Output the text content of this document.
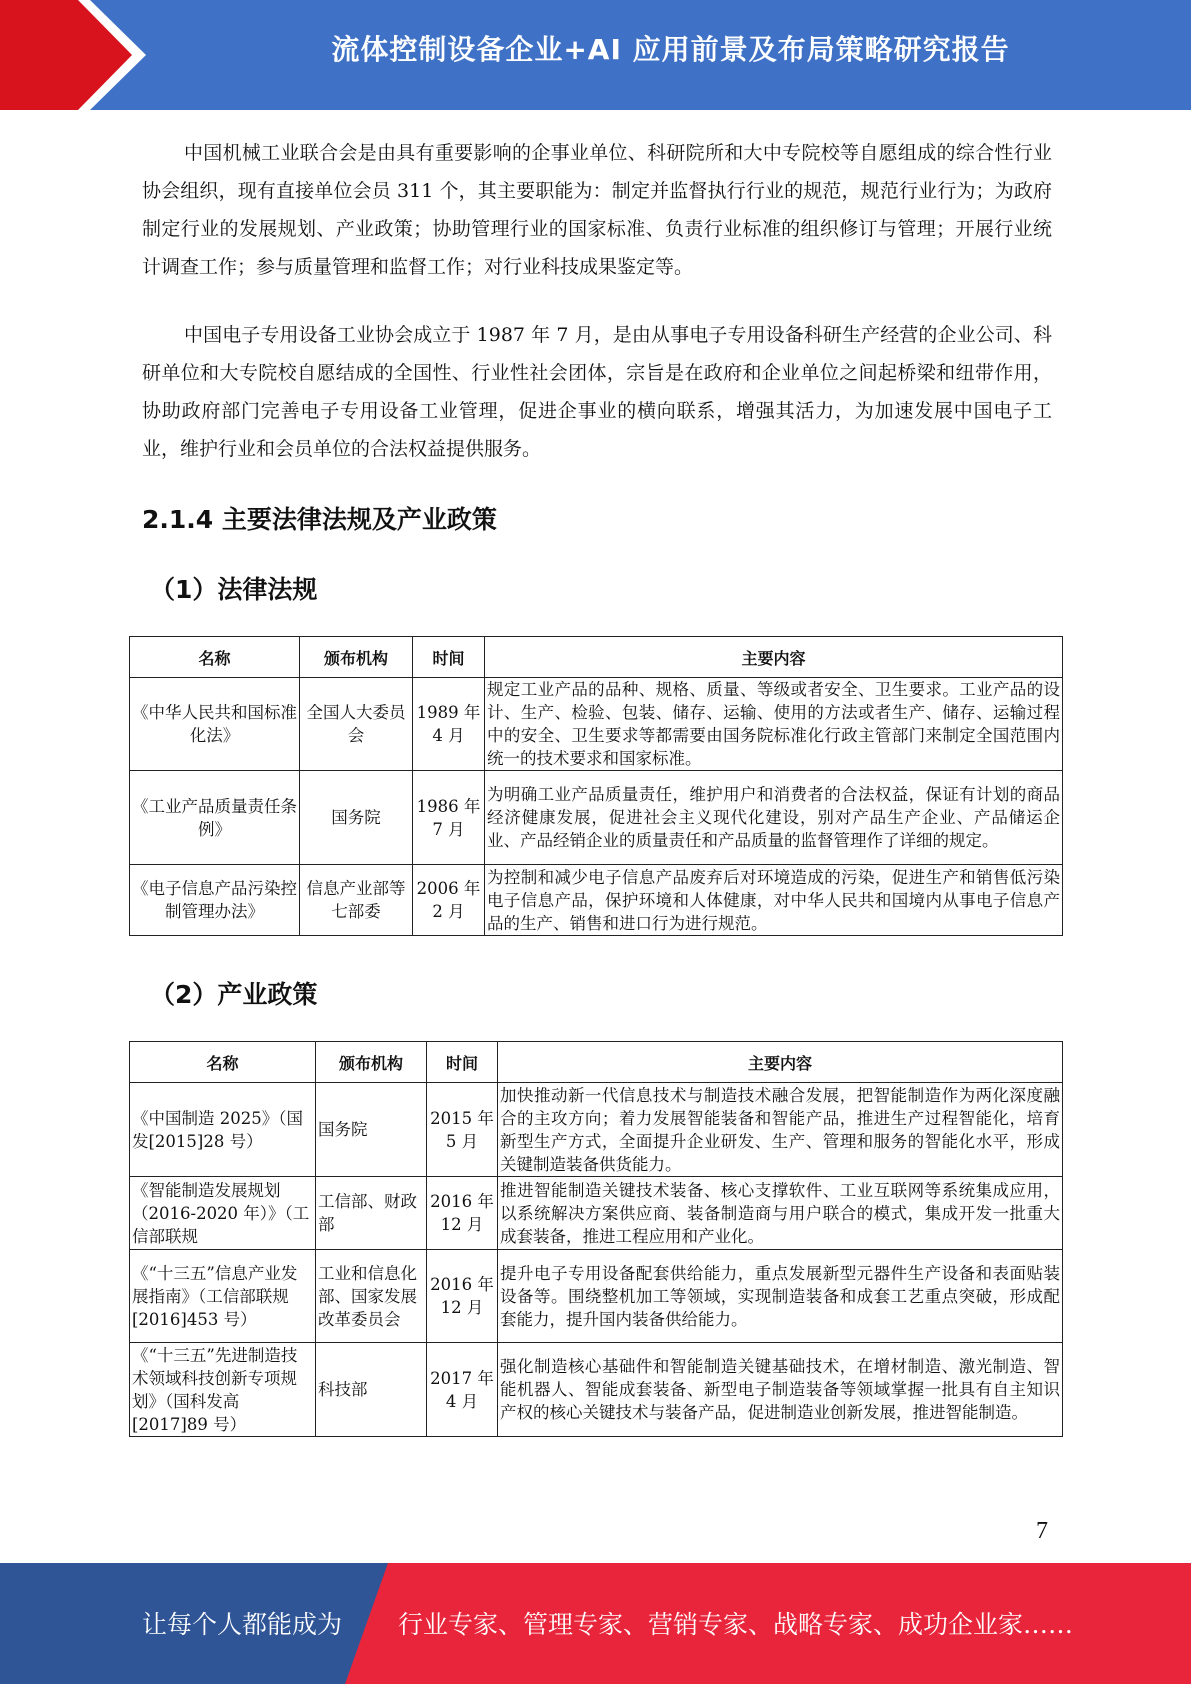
流体控制设备企业+AI 应用前景及布局策略研究报告

中国机械工业联合会是由具有重要影响的企事业单位、科研院所和大中专院校等自愿组成的综合性行业协会组织，现有直接单位会员 311 个，其主要职能为：制定并监督执行行业的规范，规范行业行为；为政府制定行业的发展规划、产业政策；协助管理行业的国家标准、负责行业标准的组织修订与管理；开展行业统计调查工作；参与质量管理和监督工作；对行业科技成果鉴定等。

中国电子专用设备工业协会成立于 1987 年 7 月，是由从事电子专用设备科研生产经营的企业公司、科研单位和大专院校自愿结成的全国性、行业性社会团体，宗旨是在政府和企业单位之间起桥梁和纽带作用，协助政府部门完善电子专用设备工业管理，促进企事业的横向联系，增强其活力，为加速发展中国电子工业，维护行业和会员单位的合法权益提供服务。

2.1.4 主要法律法规及产业政策
（1）法律法规
名称	颁布机构	时间	主要内容
《中华人民共和国标准化法》	全国人大委员会	1989 年 4 月	规定工业产品的品种、规格、质量、等级或者安全、卫生要求。工业产品的设计、生产、检验、包装、储存、运输、使用的方法或者生产、储存、运输过程中的安全、卫生要求等都需要由国务院标准化行政主管部门来制定全国范围内统一的技术要求和国家标准。
《工业产品质量责任条例》	国务院	1986 年 7 月	为明确工业产品质量责任，维护用户和消费者的合法权益，保证有计划的商品经济健康发展，促进社会主义现代化建设，别对产品生产企业、产品储运企业、产品经销企业的质量责任和产品质量的监督管理作了详细的规定。
《电子信息产品污染控制管理办法》	信息产业部等七部委	2006 年 2 月	为控制和减少电子信息产品废弃后对环境造成的污染，促进生产和销售低污染电子信息产品，保护环境和人体健康，对中华人民共和国境内从事电子信息产品的生产、销售和进口行为进行规范。
（2）产业政策
名称	颁布机构	时间	主要内容
《中国制造 2025》（国 发[2015]28 号）	国务院	2015 年 5 月	加快推动新一代信息技术与制造技术融合发展，把智能制造作为两化深度融合的主攻方向；着力发展智能装备和智能产品，推进生产过程智能化，培育新型生产方式，全面提升企业研发、生产、管理和服务的智能化水平，形成关键制造装备供货能力。
《智能制造发展规划（2016-2020 年）》（工 信部联规	工信部、财政部	2016 年 12 月	推进智能制造关键技术装备、核心支撑软件、工业互联网等系统集成应用，以系统解决方案供应商、装备制造商与用户联合的模式，集成开发一批重大成套装备，推进工程应用和产业化。
《“十三五”信息产业发展指南》（工信部联规[2016]453 号）	工业和信息化部、国家发展改革委员会	2016 年 12 月	提升电子专用设备配套供给能力，重点发展新型元器件生产设备和表面贴装设备等。围绕整机加工等领域，实现制造装备和成套工艺重点突破，形成配套能力，提升国内装备供给能力。
《“十三五”先进制造技术领域科技创新专项规划》（国科发高[2017]89 号）	科技部	2017 年 4 月	强化制造核心基础件和智能制造关键基础技术，在增材制造、激光制造、智能机器人、智能成套装备、新型电子制造装备等领域掌握一批具有自主知识产权的核心关键技术与装备产品，促进制造业创新发展，推进智能制造。
7
让每个人都能成为 行业专家、管理专家、营销专家、战略专家、成功企业家……
